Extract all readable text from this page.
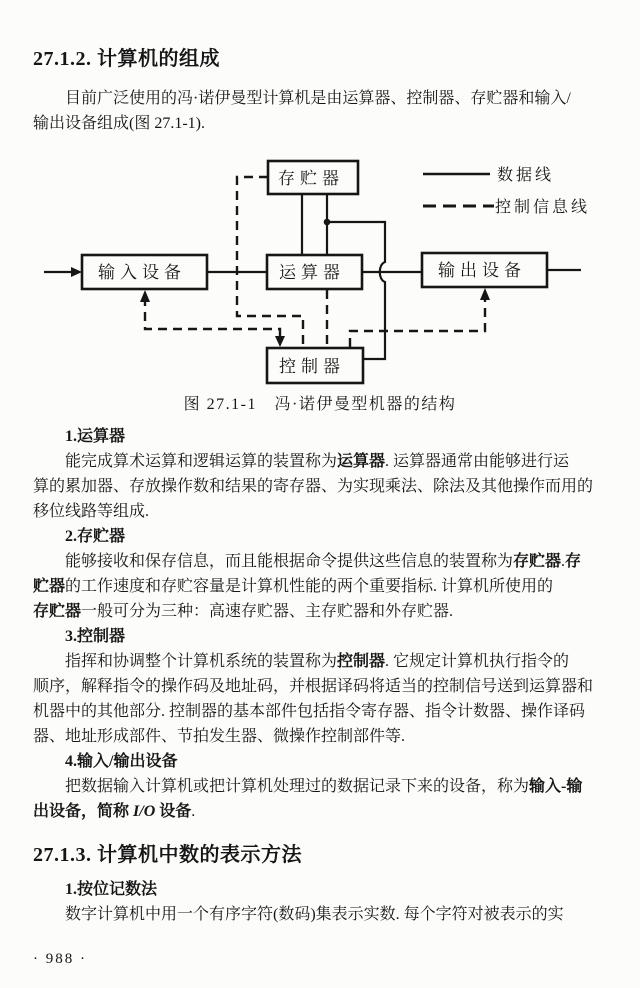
27.1.2. 计算机的组成
目前广泛使用的冯·诺伊曼型计算机是由运算器、控制器、存贮器和输入/
输出设备组成(图 27.1-1).
数据线
控制信息线
存贮器
输入设备	运算器	输出设备
控制器
图 27.1-1　冯·诺伊曼型机器的结构
1.运算器
能完成算术运算和逻辑运算的装置称为运算器. 运算器通常由能够进行运
算的累加器、存放操作数和结果的寄存器、为实现乘法、除法及其他操作而用的
移位线路等组成.
2.存贮器
能够接收和保存信息，而且能根据命令提供这些信息的装置称为存贮器.存
贮器的工作速度和存贮容量是计算机性能的两个重要指标. 计算机所使用的
存贮器一般可分为三种：高速存贮器、主存贮器和外存贮器.
3.控制器
指挥和协调整个计算机系统的装置称为控制器. 它规定计算机执行指令的
顺序，解释指令的操作码及地址码，并根据译码将适当的控制信号送到运算器和
机器中的其他部分. 控制器的基本部件包括指令寄存器、指令计数器、操作译码
器、地址形成部件、节拍发生器、微操作控制部件等.
4.输入/输出设备
把数据输入计算机或把计算机处理过的数据记录下来的设备，称为输入-输
出设备，简称 I/O 设备.
27.1.3. 计算机中数的表示方法
1.按位记数法
数字计算机中用一个有序字符(数码)集表示实数. 每个字符对被表示的实
· 988 ·
